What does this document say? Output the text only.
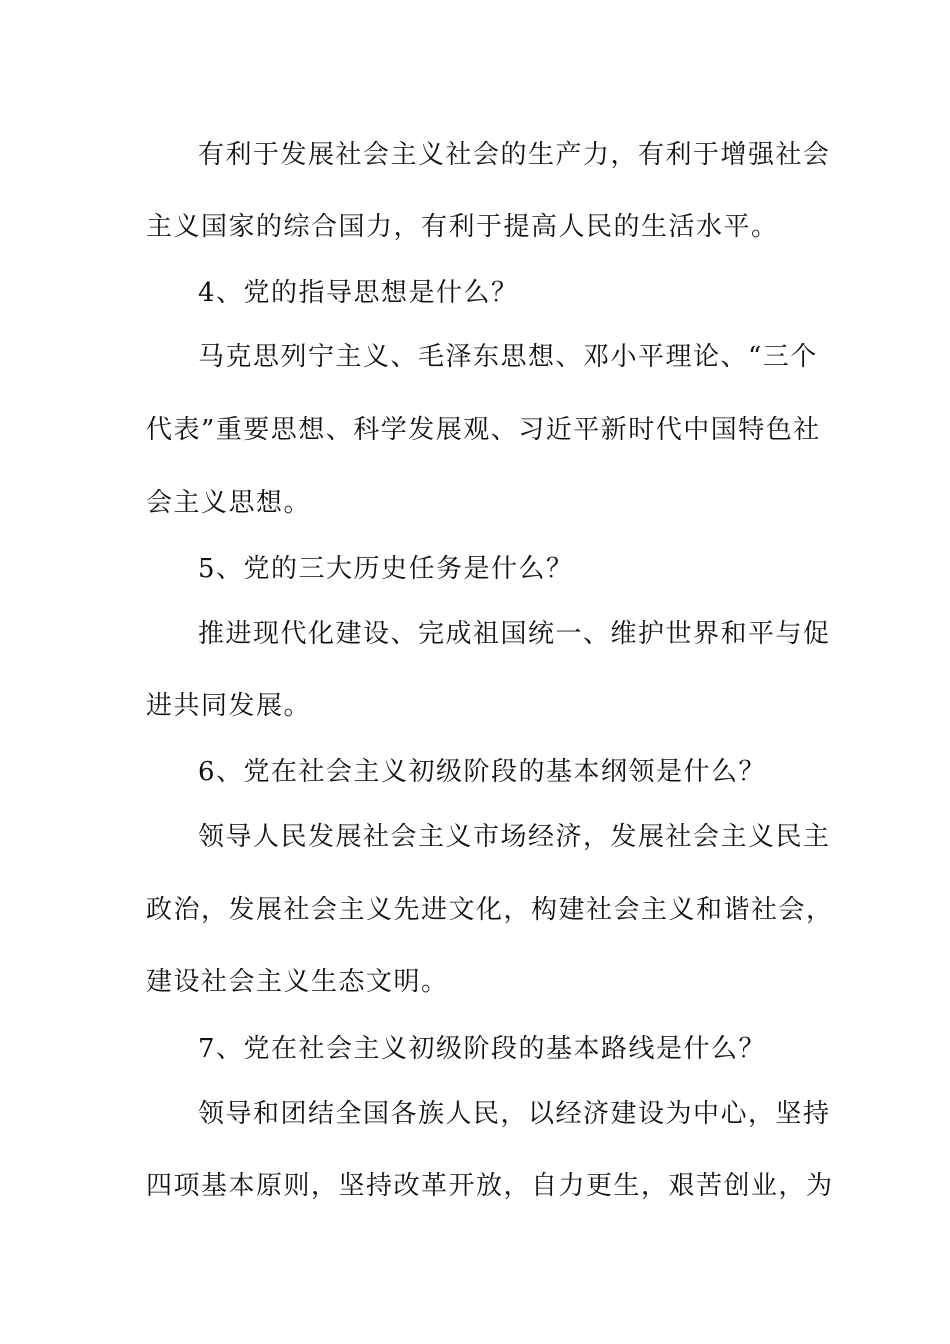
有利于发展社会主义社会的生产力，有利于增强社会
主义国家的综合国力，有利于提高人民的生活水平。
4、党的指导思想是什么？
马克思列宁主义、毛泽东思想、邓小平理论、“三个
代表”重要思想、科学发展观、习近平新时代中国特色社
会主义思想。
5、党的三大历史任务是什么？
推进现代化建设、完成祖国统一、维护世界和平与促
进共同发展。
6、党在社会主义初级阶段的基本纲领是什么？
领导人民发展社会主义市场经济，发展社会主义民主
政治，发展社会主义先进文化，构建社会主义和谐社会，
建设社会主义生态文明。
7、党在社会主义初级阶段的基本路线是什么？
领导和团结全国各族人民，以经济建设为中心，坚持
四项基本原则，坚持改革开放，自力更生，艰苦创业，为
